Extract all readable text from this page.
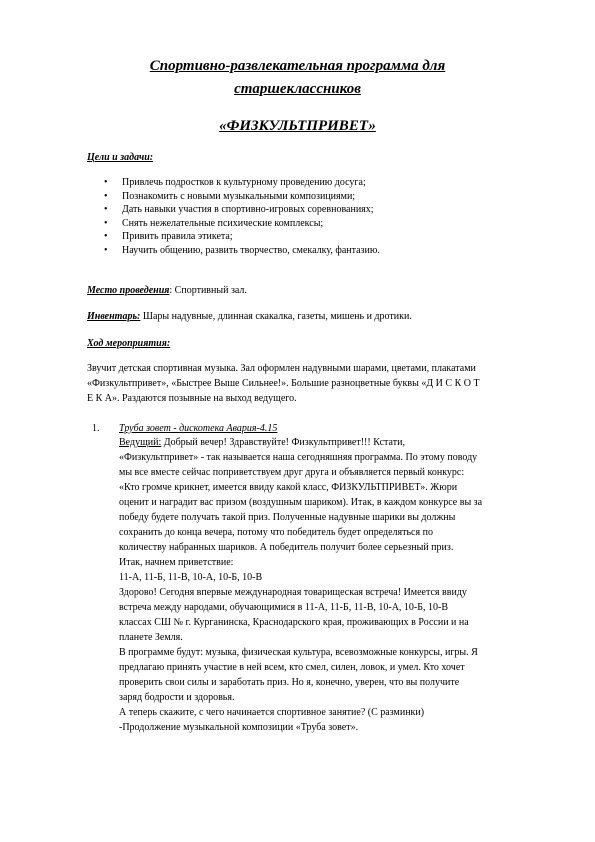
Спортивно-развлекательная программа для
старшеклассников
«ФИЗКУЛЬТПРИВЕТ»
Цели и задачи:
• Привлечь подростков к культурному проведению досуга;
• Познакомить с новыми музыкальными композициями;
• Дать навыки участия в спортивно-игровых соревнованиях;
• Снять нежелательные психические комплексы;
• Привить правила этикета;
• Научить общению, развить творчество, смекалку, фантазию.
Место проведения: Спортивный зал.
Инвентарь: Шары надувные, длинная скакалка, газеты, мишень и дротики.
Ход мероприятия:
Звучит детская спортивная музыка. Зал оформлен надувными шарами, цветами, плакатами
«Физкультпривет», «Быстрее Выше Сильнее!». Большие разноцветные буквы «Д И С К О Т
Е К А». Раздаются позывные на выход ведущего.
1. Труба зовет - дискотека Авария-4.15
Ведущий: Добрый вечер! Здравствуйте! Физкультпривет!!! Кстати,
«Физкультпривет» - так называется наша сегодняшняя программа. По этому поводу
мы все вместе сейчас поприветствуем друг друга и объявляется первый конкурс:
«Кто громче крикнет, имеется ввиду какой класс, ФИЗКУЛЬТПРИВЕТ». Жюри
оценит и наградит вас призом (воздушным шариком). Итак, в каждом конкурсе вы за
победу будете получать такой приз. Полученные надувные шарики вы должны
сохранить до конца вечера, потому что победитель будет определяться по
количеству набранных шариков. А победитель получит более серьезный приз.
Итак, начнем приветствие:
11-А, 11-Б, 11-В, 10-А, 10-Б, 10-В
Здорово! Сегодня впервые международная товарищеская встреча! Имеется ввиду
встреча между народами, обучающимися в 11-А, 11-Б, 11-В, 10-А, 10-Б, 10-В
классах СШ № г. Курганинска, Краснодарского края, проживающих в России и на
планете Земля.
В программе будут: музыка, физическая культура, всевозможные конкурсы, игры. Я
предлагаю принять участие в ней всем, кто смел, силен, ловок, и умел. Кто хочет
проверить свои силы и заработать приз. Но я, конечно, уверен, что вы получите
заряд бодрости и здоровья.
А теперь скажите, с чего начинается спортивное занятие? (С разминки)
-Продолжение музыкальной композиции «Труба зовет».
